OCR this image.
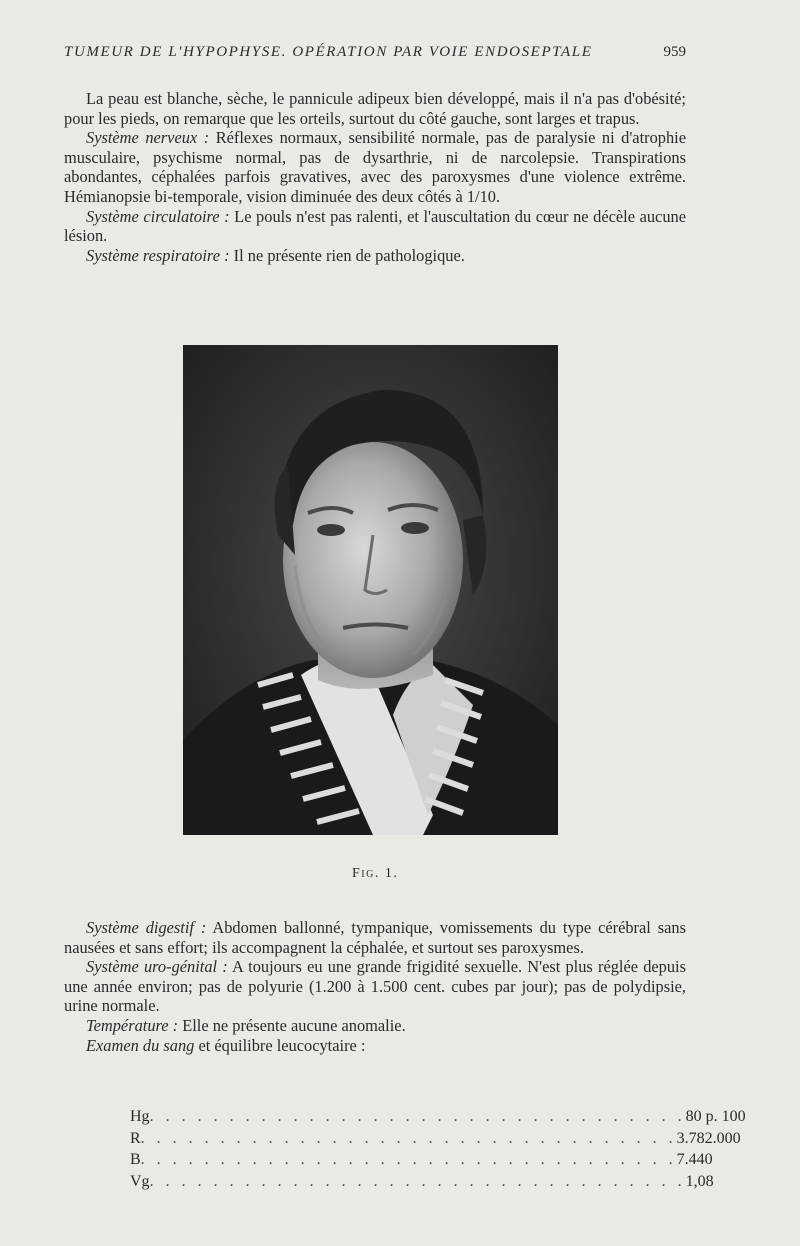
TUMEUR DE L'HYPOPHYSE. OPÉRATION PAR VOIE ENDOSEPTALE	959

La peau est blanche, sèche, le pannicule adipeux bien développé, mais il n'a pas d'obésité; pour les pieds, on remarque que les orteils, surtout du côté gauche, sont larges et trapus.

Système nerveux : Réflexes normaux, sensibilité normale, pas de paralysie ni d'atrophie musculaire, psychisme normal, pas de dysarthrie, ni de narcolepsie. Transpirations abondantes, céphalées parfois gravatives, avec des paroxysmes d'une violence extrême. Hémianopsie bi-temporale, vision diminuée des deux côtés à 1/10.

Système circulatoire : Le pouls n'est pas ralenti, et l'auscultation du cœur ne décèle aucune lésion.

Système respiratoire : Il ne présente rien de pathologique.

Fig. 1.

Système digestif : Abdomen ballonné, tympanique, vomissements du type cérébral sans nausées et sans effort; ils accompagnent la céphalée, et surtout ses paroxysmes.

Système uro-génital : A toujours eu une grande frigidité sexuelle. N'est plus réglée depuis une année environ; pas de polyurie (1.200 à 1.500 cent. cubes par jour); pas de polydipsie, urine normale.

Température : Elle ne présente aucune anomalie.

Examen du sang et équilibre leucocytaire :

Hg . . . . . . . . . . . . . . . . . . . . . . . . . . . . . . . . . . 80 p. 100
R . . . . . . . . . . . . . . . . . . . . . . . . . . . . . . . . . . 3.782.000
B . . . . . . . . . . . . . . . . . . . . . . . . . . . . . . . . . . 7.440
Vg . . . . . . . . . . . . . . . . . . . . . . . . . . . . . . . . . . 1,08
